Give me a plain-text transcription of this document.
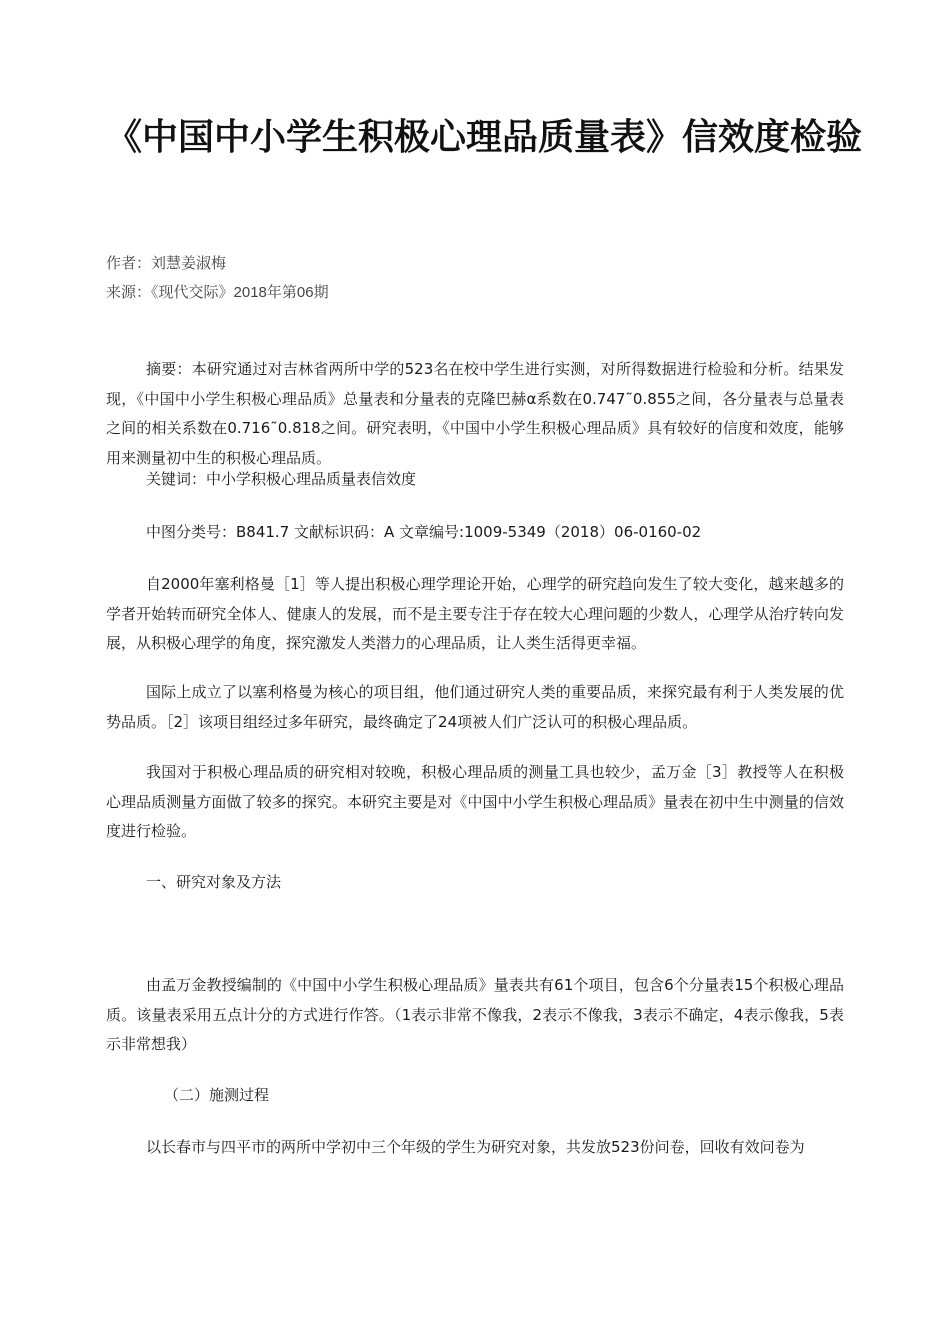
《中国中小学生积极心理品质量表》信效度检验
作者：刘慧姜淑梅
来源：《现代交际》2018年第06期

摘要：本研究通过对吉林省两所中学的523名在校中学生进行实测，对所得数据进行检验和分析。结果发现，《中国中小学生积极心理品质》总量表和分量表的克隆巴赫α系数在0.747˜0.855之间，各分量表与总量表之间的相关系数在0.716˜0.818之间。研究表明，《中国中小学生积极心理品质》具有较好的信度和效度，能够用来测量初中生的积极心理品质。

关键词：中小学积极心理品质量表信效度

中图分类号：B841.7 文献标识码：A 文章编号:1009-5349（2018）06-0160-02

自2000年塞利格曼［1］等人提出积极心理学理论开始，心理学的研究趋向发生了较大变化，越来越多的学者开始转而研究全体人、健康人的发展，而不是主要专注于存在较大心理问题的少数人，心理学从治疗转向发展，从积极心理学的角度，探究激发人类潜力的心理品质，让人类生活得更幸福。

国际上成立了以塞利格曼为核心的项目组，他们通过研究人类的重要品质，来探究最有利于人类发展的优势品质。［2］该项目组经过多年研究，最终确定了24项被人们广泛认可的积极心理品质。

我国对于积极心理品质的研究相对较晚，积极心理品质的测量工具也较少，孟万金［3］教授等人在积极心理品质测量方面做了较多的探究。本研究主要是对《中国中小学生积极心理品质》量表在初中生中测量的信效度进行检验。

一、研究对象及方法

由孟万金教授编制的《中国中小学生积极心理品质》量表共有61个项目，包含6个分量表15个积极心理品质。该量表采用五点计分的方式进行作答。（1表示非常不像我，2表示不像我，3表示不确定，4表示像我，5表示非常想我）

（二）施测过程

以长春市与四平市的两所中学初中三个年级的学生为研究对象，共发放523份问卷，回收有效问卷为
